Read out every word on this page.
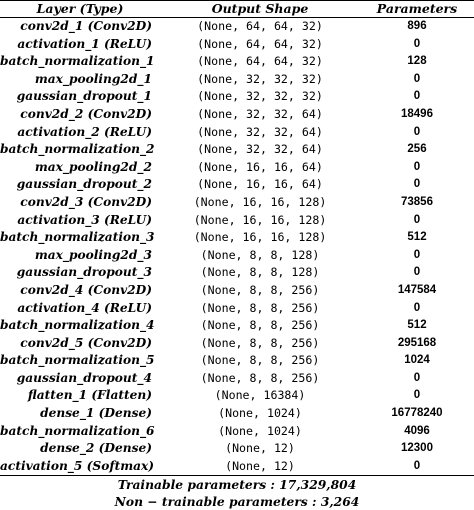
Layer (Type)	Output Shape	Parameters
conv2d_1 (Conv2D)	(None, 64, 64, 32)	896
activation_1 (ReLU)	(None, 64, 64, 32)	0
batch_normalization_1	(None, 64, 64, 32)	128
max_pooling2d_1	(None, 32, 32, 32)	0
gaussian_dropout_1	(None, 32, 32, 32)	0
conv2d_2 (Conv2D)	(None, 32, 32, 64)	18496
activation_2 (ReLU)	(None, 32, 32, 64)	0
batch_normalization_2	(None, 32, 32, 64)	256
max_pooling2d_2	(None, 16, 16, 64)	0
gaussian_dropout_2	(None, 16, 16, 64)	0
conv2d_3 (Conv2D)	(None, 16, 16, 128)	73856
activation_3 (ReLU)	(None, 16, 16, 128)	0
batch_normalization_3	(None, 16, 16, 128)	512
max_pooling2d_3	(None, 8, 8, 128)	0
gaussian_dropout_3	(None, 8, 8, 128)	0
conv2d_4 (Conv2D)	(None, 8, 8, 256)	147584
activation_4 (ReLU)	(None, 8, 8, 256)	0
batch_normalization_4	(None, 8, 8, 256)	512
conv2d_5 (Conv2D)	(None, 8, 8, 256)	295168
batch_normalization_5	(None, 8, 8, 256)	1024
gaussian_dropout_4	(None, 8, 8, 256)	0
flatten_1 (Flatten)	(None, 16384)	0
dense_1 (Dense)	(None, 1024)	16778240
batch_normalization_6	(None, 1024)	4096
dense_2 (Dense)	(None, 12)	12300
activation_5 (Softmax)	(None, 12)	0
Trainable parameters : 17,329,804
Non − trainable parameters : 3,264
